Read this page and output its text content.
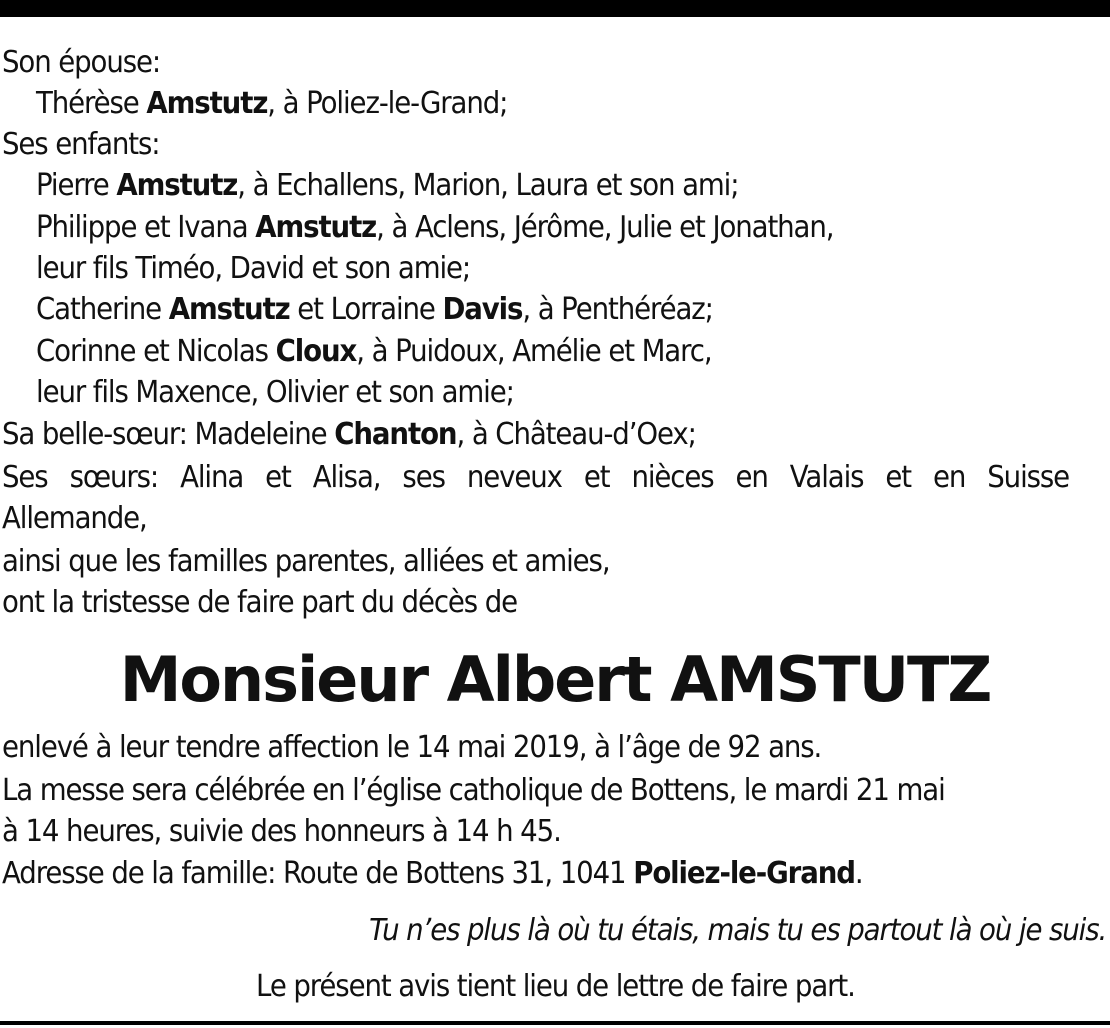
Son épouse:
Thérèse Amstutz, à Poliez-le-Grand;
Ses enfants:
Pierre Amstutz, à Echallens, Marion, Laura et son ami;
Philippe et Ivana Amstutz, à Aclens, Jérôme, Julie et Jonathan,
leur fils Timéo, David et son amie;
Catherine Amstutz et Lorraine Davis, à Penthéréaz;
Corinne et Nicolas Cloux, à Puidoux, Amélie et Marc,
leur fils Maxence, Olivier et son amie;
Sa belle-sœur: Madeleine Chanton, à Château-d’Oex;
Ses sœurs: Alina et Alisa, ses neveux et nièces en Valais et en Suisse
Allemande,
ainsi que les familles parentes, alliées et amies,
ont la tristesse de faire part du décès de
Monsieur Albert AMSTUTZ
enlevé à leur tendre affection le 14 mai 2019, à l’âge de 92 ans.
La messe sera célébrée en l’église catholique de Bottens, le mardi 21 mai
à 14 heures, suivie des honneurs à 14 h 45.
Adresse de la famille: Route de Bottens 31, 1041 Poliez-le-Grand.
Tu n’es plus là où tu étais, mais tu es partout là où je suis.
Le présent avis tient lieu de lettre de faire part.
